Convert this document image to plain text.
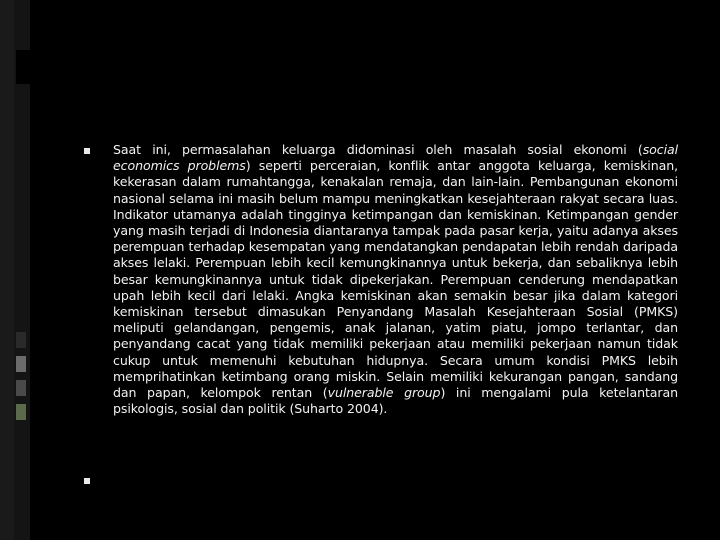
Saat ini, permasalahan keluarga didominasi oleh masalah sosial ekonomi (social economics problems) seperti perceraian, konflik antar anggota keluarga, kemiskinan, kekerasan dalam rumahtangga, kenakalan remaja, dan lain-lain. Pembangunan ekonomi nasional selama ini masih belum mampu meningkatkan kesejahteraan rakyat secara luas. Indikator utamanya adalah tingginya ketimpangan dan kemiskinan. Ketimpangan gender yang masih terjadi di Indonesia diantaranya tampak pada pasar kerja, yaitu adanya akses perempuan terhadap kesempatan yang mendatangkan pendapatan lebih rendah daripada akses lelaki. Perempuan lebih kecil kemungkinannya untuk bekerja, dan sebaliknya lebih besar kemungkinannya untuk tidak dipekerjakan. Perempuan cenderung mendapatkan upah lebih kecil dari lelaki. Angka kemiskinan akan semakin besar jika dalam kategori kemiskinan tersebut dimasukan Penyandang Masalah Kesejahteraan Sosial (PMKS) meliputi gelandangan, pengemis, anak jalanan, yatim piatu, jompo terlantar, dan penyandang cacat yang tidak memiliki pekerjaan atau memiliki pekerjaan namun tidak cukup untuk memenuhi kebutuhan hidupnya. Secara umum kondisi PMKS lebih memprihatinkan ketimbang orang miskin. Selain memiliki kekurangan pangan, sandang dan papan, kelompok rentan (vulnerable group) ini mengalami pula ketelantaran psikologis, sosial dan politik (Suharto 2004).
